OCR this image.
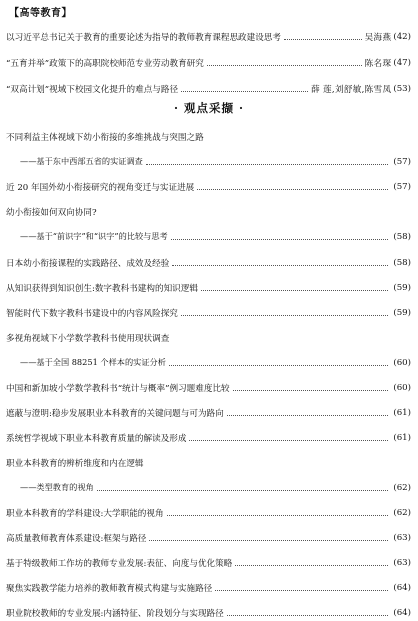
【高等教育】
以习近平总书记关于教育的重要论述为指导的教师教育课程思政建设思考	吴海燕 (42)
“五育并举”政策下的高职院校师范专业劳动教育研究	陈名琛 (47)
“双高计划”视域下校园文化提升的难点与路径	薛 莲,刘舒敏,陈雪凤 (53)
· 观点采撷 ·
不同利益主体视域下幼小衔接的多维挑战与突围之路
——基于东中西部五省的实证调查	(57)
近 20 年国外幼小衔接研究的视角变迁与实证进展	(57)
幼小衔接如何双向协同?
——基于“前识字”和“识字”的比较与思考	(58)
日本幼小衔接课程的实践路径、成效及经验	(58)
从知识获得到知识创生:数字教科书建构的知识逻辑	(59)
智能时代下数字教科书建设中的内容风险探究	(59)
多视角视域下小学数学教科书使用现状调查
——基于全国 88251 个样本的实证分析	(60)
中国和新加坡小学数学教科书“统计与概率”例习题难度比较	(60)
遮蔽与澄明:稳步发展职业本科教育的关键问题与可为路向	(61)
系统哲学视域下职业本科教育质量的解读及形成	(61)
职业本科教育的辨析维度和内在逻辑
——类型教育的视角	(62)
职业本科教育的学科建设:大学职能的视角	(62)
高质量教师教育体系建设:框架与路径	(63)
基于特级教师工作坊的教师专业发展:表征、向度与优化策略	(63)
聚焦实践教学能力培养的教师教育模式构建与实施路径	(64)
职业院校教师的专业发展:内涵特征、阶段划分与实现路径	(64)
